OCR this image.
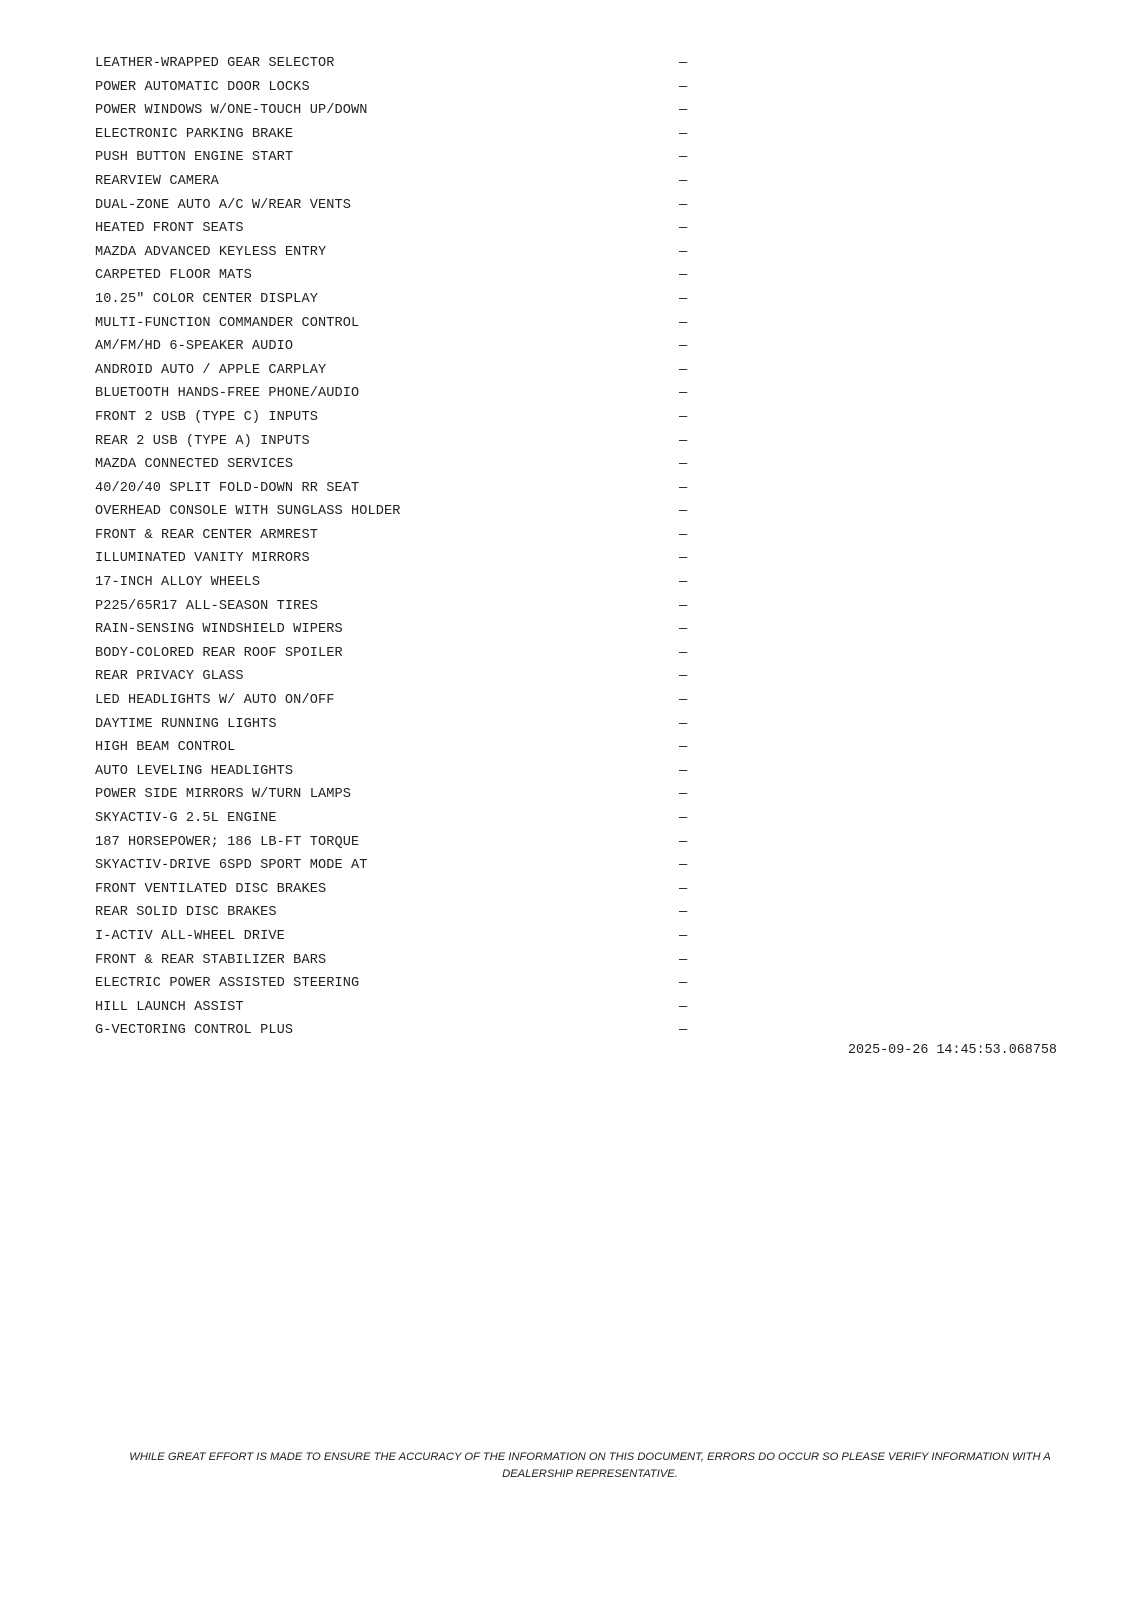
LEATHER-WRAPPED GEAR SELECTOR	—
POWER AUTOMATIC DOOR LOCKS	—
POWER WINDOWS W/ONE-TOUCH UP/DOWN	—
ELECTRONIC PARKING BRAKE	—
PUSH BUTTON ENGINE START	—
REARVIEW CAMERA	—
DUAL-ZONE AUTO A/C W/REAR VENTS	—
HEATED FRONT SEATS	—
MAZDA ADVANCED KEYLESS ENTRY	—
CARPETED FLOOR MATS	—
10.25" COLOR CENTER DISPLAY	—
MULTI-FUNCTION COMMANDER CONTROL	—
AM/FM/HD 6-SPEAKER AUDIO	—
ANDROID AUTO / APPLE CARPLAY	—
BLUETOOTH HANDS-FREE PHONE/AUDIO	—
FRONT 2 USB (TYPE C) INPUTS	—
REAR 2 USB (TYPE A) INPUTS	—
MAZDA CONNECTED SERVICES	—
40/20/40 SPLIT FOLD-DOWN RR SEAT	—
OVERHEAD CONSOLE WITH SUNGLASS HOLDER	—
FRONT & REAR CENTER ARMREST	—
ILLUMINATED VANITY MIRRORS	—
17-INCH ALLOY WHEELS	—
P225/65R17 ALL-SEASON TIRES	—
RAIN-SENSING WINDSHIELD WIPERS	—
BODY-COLORED REAR ROOF SPOILER	—
REAR PRIVACY GLASS	—
LED HEADLIGHTS W/ AUTO ON/OFF	—
DAYTIME RUNNING LIGHTS	—
HIGH BEAM CONTROL	—
AUTO LEVELING HEADLIGHTS	—
POWER SIDE MIRRORS W/TURN LAMPS	—
SKYACTIV-G 2.5L ENGINE	—
187 HORSEPOWER; 186 LB-FT TORQUE	—
SKYACTIV-DRIVE 6SPD SPORT MODE AT	—
FRONT VENTILATED DISC BRAKES	—
REAR SOLID DISC BRAKES	—
I-ACTIV ALL-WHEEL DRIVE	—
FRONT & REAR STABILIZER BARS	—
ELECTRIC POWER ASSISTED STEERING	—
HILL LAUNCH ASSIST	—
G-VECTORING CONTROL PLUS	—
2025-09-26 14:45:53.068758
WHILE GREAT EFFORT IS MADE TO ENSURE THE ACCURACY OF THE INFORMATION ON THIS DOCUMENT, ERRORS DO OCCUR SO PLEASE VERIFY INFORMATION WITH A
DEALERSHIP REPRESENTATIVE.
